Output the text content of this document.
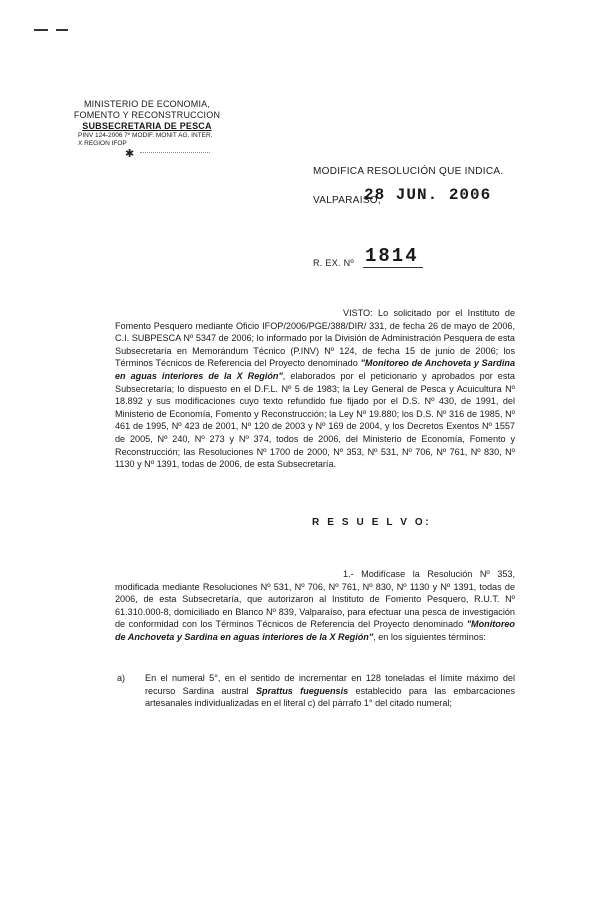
MINISTERIO DE ECONOMIA,
FOMENTO Y RECONSTRUCCION
SUBSECRETARIA DE PESCA
PINV 124-2006 7º MODIF. MONIT AG. INTER.
X REGION IFOP
✱
MODIFICA RESOLUCIÓN QUE INDICA.
VALPARAISO,
28 JUN. 2006
R. EX. Nº 1814
VISTO: Lo solicitado por el Instituto de Fomento Pesquero mediante Oficio IFOP/2006/PGE/388/DIR/ 331, de fecha 26 de mayo de 2006, C.I. SUBPESCA Nº 5347 de 2006; lo informado por la División de Administración Pesquera de esta Subsecretaría en Memorándum Técnico (P.INV) Nº 124, de fecha 15 de junio de 2006; los Términos Técnicos de Referencia del Proyecto denominado "Monitoreo de Anchoveta y Sardina en aguas interiores de la X Región", elaborados por el peticionario y aprobados por esta Subsecretaría; lo dispuesto en el D.F.L. Nº 5 de 1983; la Ley General de Pesca y Acuicultura Nº 18.892 y sus modificaciones cuyo texto refundido fue fijado por el D.S. Nº 430, de 1991, del Ministerio de Economía, Fomento y Reconstrucción; la Ley Nº 19.880; los D.S. Nº 316 de 1985, Nº 461 de 1995, Nº 423 de 2001, Nº 120 de 2003 y Nº 169 de 2004, y los Decretos Exentos Nº 1557 de 2005, Nº 240, Nº 273 y Nº 374, todos de 2006, del Ministerio de Economía, Fomento y Reconstrucción; las Resoluciones Nº 1700 de 2000, Nº 353, Nº 531, Nº 706, Nº 761, Nº 830, Nº 1130 y Nº 1391, todas de 2006, de esta Subsecretaría.
R E S U E L V O:
1.- Modifícase la Resolución Nº 353, modificada mediante Resoluciones Nº 531, Nº 706, Nº 761, Nº 830, Nº 1130 y Nº 1391, todas de 2006, de esta Subsecretaría, que autorizaron al Instituto de Fomento Pesquero, R.U.T. Nº 61.310.000-8, domiciliado en Blanco Nº 839, Valparaíso, para efectuar una pesca de investigación de conformidad con los Términos Técnicos de Referencia del Proyecto denominado "Monitoreo de Anchoveta y Sardina en aguas interiores de la X Región", en los siguientes términos:
a) En el numeral 5°, en el sentido de incrementar en 128 toneladas el límite máximo del recurso Sardina austral Sprattus fueguensis establecido para las embarcaciones artesanales individualizadas en el literal c) del párrafo 1° del citado numeral;
